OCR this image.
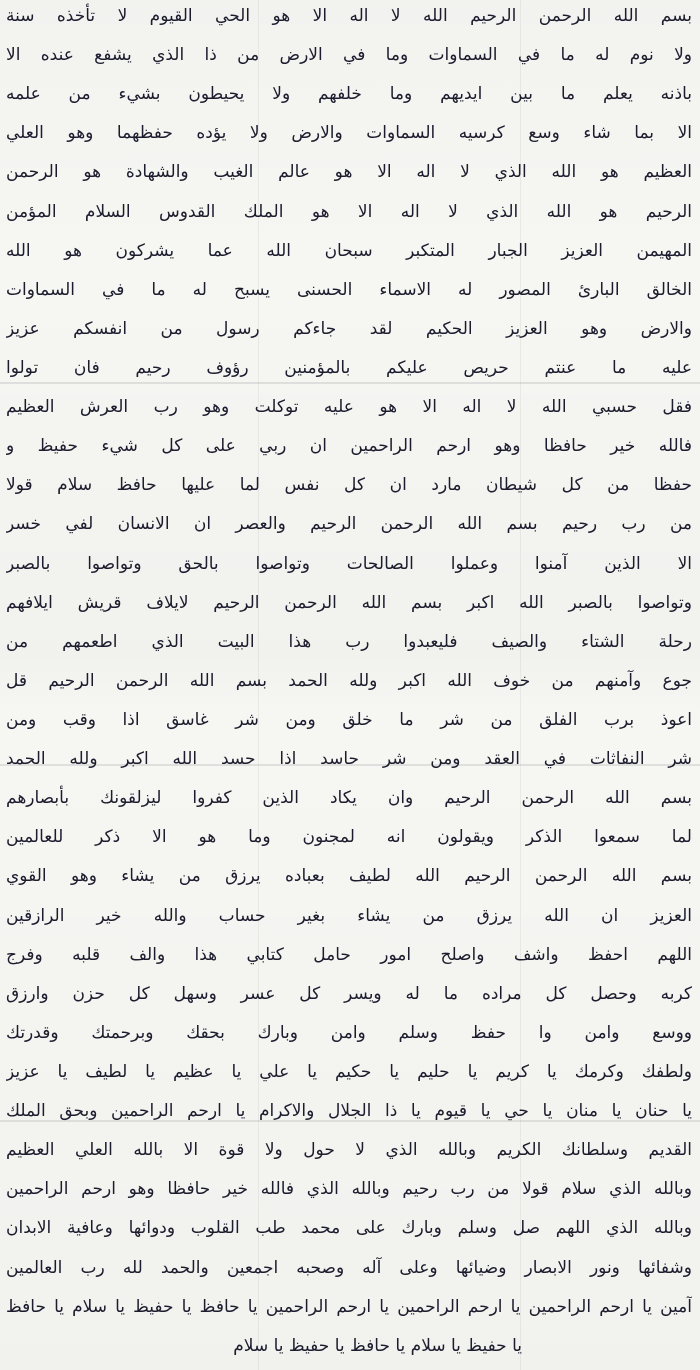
بسم الله الرحمن الرحيم الله لا اله الا هو الحي القيوم لا تأخذه سنة
ولا نوم له ما في السماوات وما في الارض من ذا الذي يشفع عنده الا
باذنه يعلم ما بين ايديهم وما خلفهم ولا يحيطون بشيء من علمه
الا بما شاء وسع كرسيه السماوات والارض ولا يؤده حفظهما وهو العلي
العظيم هو الله الذي لا اله الا هو عالم الغيب والشهادة هو الرحمن
الرحيم هو الله الذي لا اله الا هو الملك القدوس السلام المؤمن
المهيمن العزيز الجبار المتكبر سبحان الله عما يشركون هو الله
الخالق البارئ المصور له الاسماء الحسنى يسبح له ما في السماوات
والارض وهو العزيز الحكيم لقد جاءكم رسول من انفسكم عزيز
عليه ما عنتم حريص عليكم بالمؤمنين رؤوف رحيم فان تولوا
فقل حسبي الله لا اله الا هو عليه توكلت وهو رب العرش العظيم
فالله خير حافظا وهو ارحم الراحمين ان ربي على كل شيء حفيظ و
حفظا من كل شيطان مارد ان كل نفس لما عليها حافظ سلام قولا
من رب رحيم بسم الله الرحمن الرحيم والعصر ان الانسان لفي خسر
الا الذين آمنوا وعملوا الصالحات وتواصوا بالحق وتواصوا بالصبر
وتواصوا بالصبر الله اكبر بسم الله الرحمن الرحيم لايلاف قريش ايلافهم
رحلة الشتاء والصيف فليعبدوا رب هذا البيت الذي اطعمهم من
جوع وآمنهم من خوف الله اكبر ولله الحمد بسم الله الرحمن الرحيم قل
اعوذ برب الفلق من شر ما خلق ومن شر غاسق اذا وقب ومن
شر النفاثات في العقد ومن شر حاسد اذا حسد الله اكبر ولله الحمد
بسم الله الرحمن الرحيم وان يكاد الذين كفروا ليزلقونك بأبصارهم
لما سمعوا الذكر ويقولون انه لمجنون وما هو الا ذكر للعالمين
بسم الله الرحمن الرحيم الله لطيف بعباده يرزق من يشاء وهو القوي
العزيز ان الله يرزق من يشاء بغير حساب والله خير الرازقين
اللهم احفظ واشف واصلح امور حامل كتابي هذا والف قلبه وفرج
كربه وحصل كل مراده ما له ويسر كل عسر وسهل كل حزن وارزق
ووسع وامن وا حفظ وسلم وامن وبارك بحقك وبرحمتك وقدرتك
ولطفك وكرمك يا كريم يا حليم يا حكيم يا علي يا عظيم يا لطيف يا عزيز
يا حنان يا منان يا حي يا قيوم يا ذا الجلال والاكرام يا ارحم الراحمين وبحق الملك
القديم وسلطانك الكريم وبالله الذي لا حول ولا قوة الا بالله العلي العظيم
وبالله الذي سلام قولا من رب رحيم وبالله الذي فالله خير حافظا وهو ارحم الراحمين
وبالله الذي اللهم صل وسلم وبارك على محمد طب القلوب ودوائها وعافية الابدان
وشفائها ونور الابصار وضيائها وعلى آله وصحبه اجمعين والحمد لله رب العالمين
آمين يا ارحم الراحمين يا ارحم الراحمين يا ارحم الراحمين يا حافظ يا حفيظ يا سلام يا حافظ
يا حفيظ يا سلام يا حافظ يا حفيظ يا سلام
